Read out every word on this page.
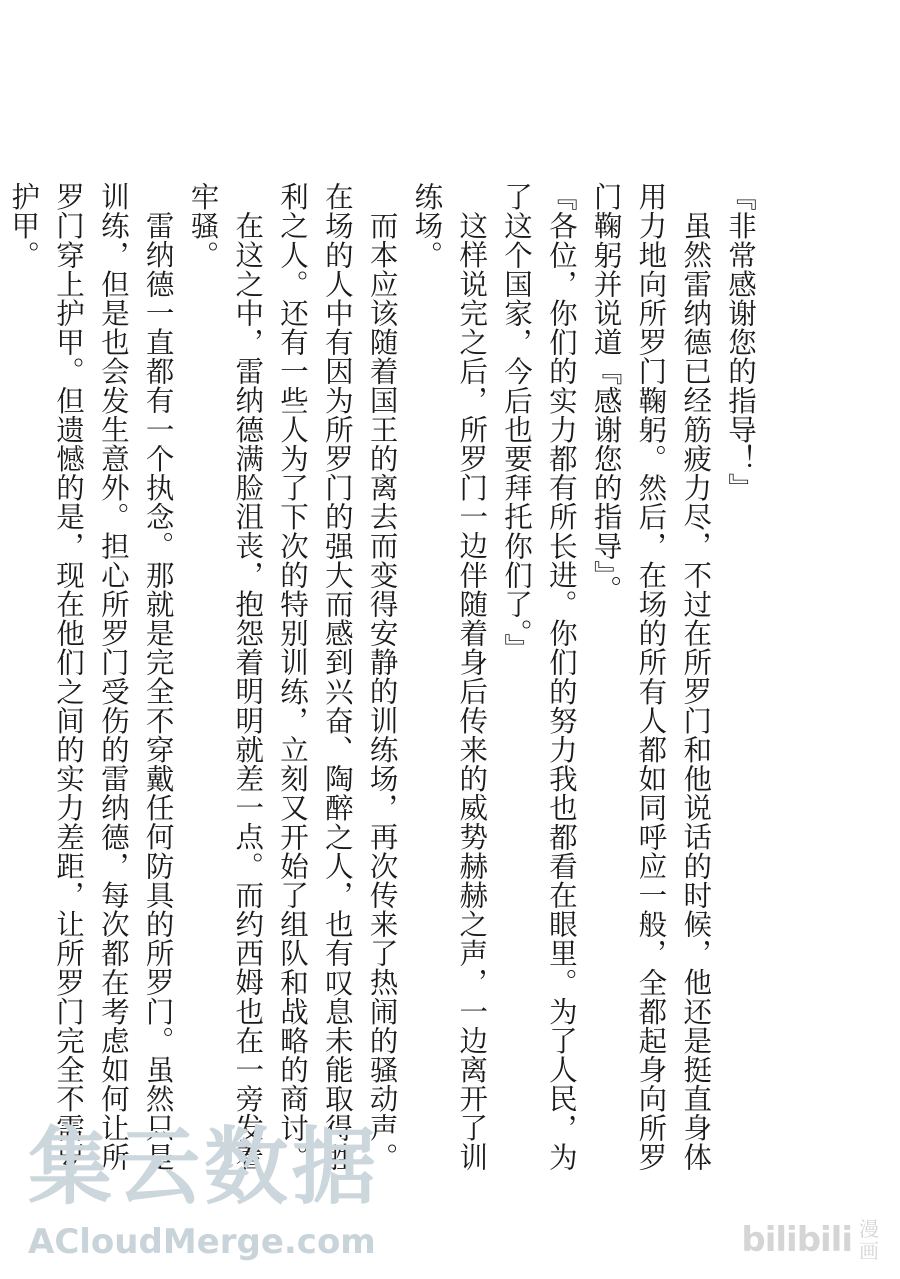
『非常感谢您的指导！』

虽然雷纳德已经筋疲力尽，不过在所罗门和他说话的时候，他还是挺直身体用力地向所罗门鞠躬。然后，在场的所有人都如同呼应一般，全都起身向所罗门鞠躬并说道『感谢您的指导』。

『各位，你们的实力都有所长进。你们的努力我也都看在眼里。为了人民，为了这个国家，今后也要拜托你们了。』

这样说完之后，所罗门一边伴随着身后传来的威势赫赫之声，一边离开了训练场。

而本应该随着国王的离去而变得安静的训练场，再次传来了热闹的骚动声。在场的人中有因为所罗门的强大而感到兴奋、陶醉之人，也有叹息未能取得胜利之人。还有一些人为了下次的特别训练，立刻又开始了组队和战略的商讨。

在这之中，雷纳德满脸沮丧，抱怨着明明就差一点。而约西姆也在一旁发着牢骚。

雷纳德一直都有一个执念。那就是完全不穿戴任何防具的所罗门。虽然只是训练，但是也会发生意外。担心所罗门受伤的雷纳德，每次都在考虑如何让所罗门穿上护甲。但遗憾的是，现在他们之间的实力差距，让所罗门完全不需要护甲。

集云数据
ACloudMerge.com	bilibili 漫画
